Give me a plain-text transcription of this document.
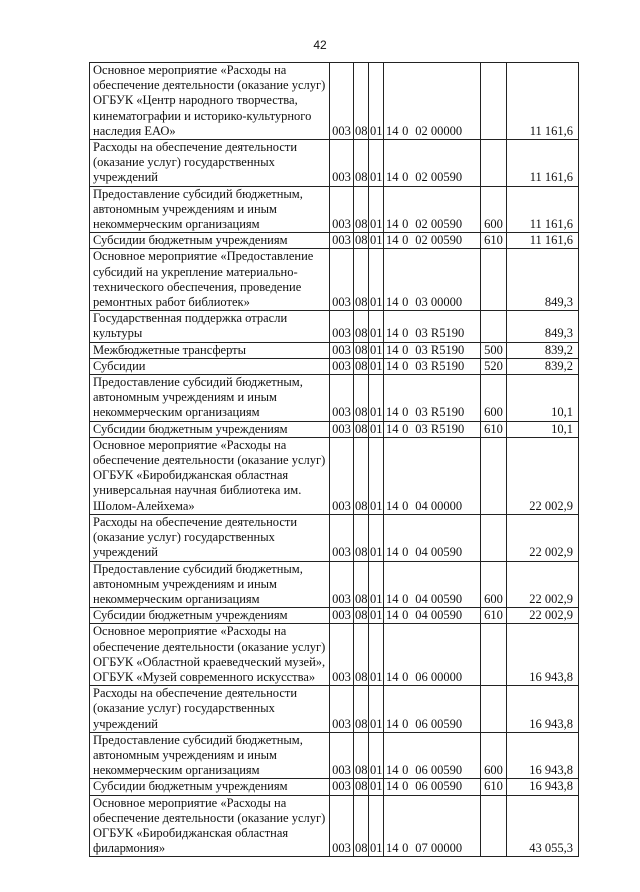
42
Основное мероприятие «Расходы на обеспечение деятельности (оказание услуг) ОГБУК «Центр народного творчества, кинематографии и историко-культурного наследия ЕАО»	003	08	01	14 0 02 00000		11 161,6
Расходы на обеспечение деятельности (оказание услуг) государственных учреждений	003	08	01	14 0 02 00590		11 161,6
Предоставление субсидий бюджетным, автономным учреждениям и иным некоммерческим организациям	003	08	01	14 0 02 00590	600	11 161,6
Субсидии бюджетным учреждениям	003	08	01	14 0 02 00590	610	11 161,6
Основное мероприятие «Предоставление субсидий на укрепление материально-технического обеспечения, проведение ремонтных работ библиотек»	003	08	01	14 0 03 00000		849,3
Государственная поддержка отрасли культуры	003	08	01	14 0 03 R5190		849,3
Межбюджетные трансферты	003	08	01	14 0 03 R5190	500	839,2
Субсидии	003	08	01	14 0 03 R5190	520	839,2
Предоставление субсидий бюджетным, автономным учреждениям и иным некоммерческим организациям	003	08	01	14 0 03 R5190	600	10,1
Субсидии бюджетным учреждениям	003	08	01	14 0 03 R5190	610	10,1
Основное мероприятие «Расходы на обеспечение деятельности (оказание услуг) ОГБУК «Биробиджанская областная универсальная научная библиотека им. Шолом-Алейхема»	003	08	01	14 0 04 00000		22 002,9
Расходы на обеспечение деятельности (оказание услуг) государственных учреждений	003	08	01	14 0 04 00590		22 002,9
Предоставление субсидий бюджетным, автономным учреждениям и иным некоммерческим организациям	003	08	01	14 0 04 00590	600	22 002,9
Субсидии бюджетным учреждениям	003	08	01	14 0 04 00590	610	22 002,9
Основное мероприятие «Расходы на обеспечение деятельности (оказание услуг) ОГБУК «Областной краеведческий музей», ОГБУК «Музей современного искусства»	003	08	01	14 0 06 00000		16 943,8
Расходы на обеспечение деятельности (оказание услуг) государственных учреждений	003	08	01	14 0 06 00590		16 943,8
Предоставление субсидий бюджетным, автономным учреждениям и иным некоммерческим организациям	003	08	01	14 0 06 00590	600	16 943,8
Субсидии бюджетным учреждениям	003	08	01	14 0 06 00590	610	16 943,8
Основное мероприятие «Расходы на обеспечение деятельности (оказание услуг) ОГБУК «Биробиджанская областная филармония»	003	08	01	14 0 07 00000		43 055,3
